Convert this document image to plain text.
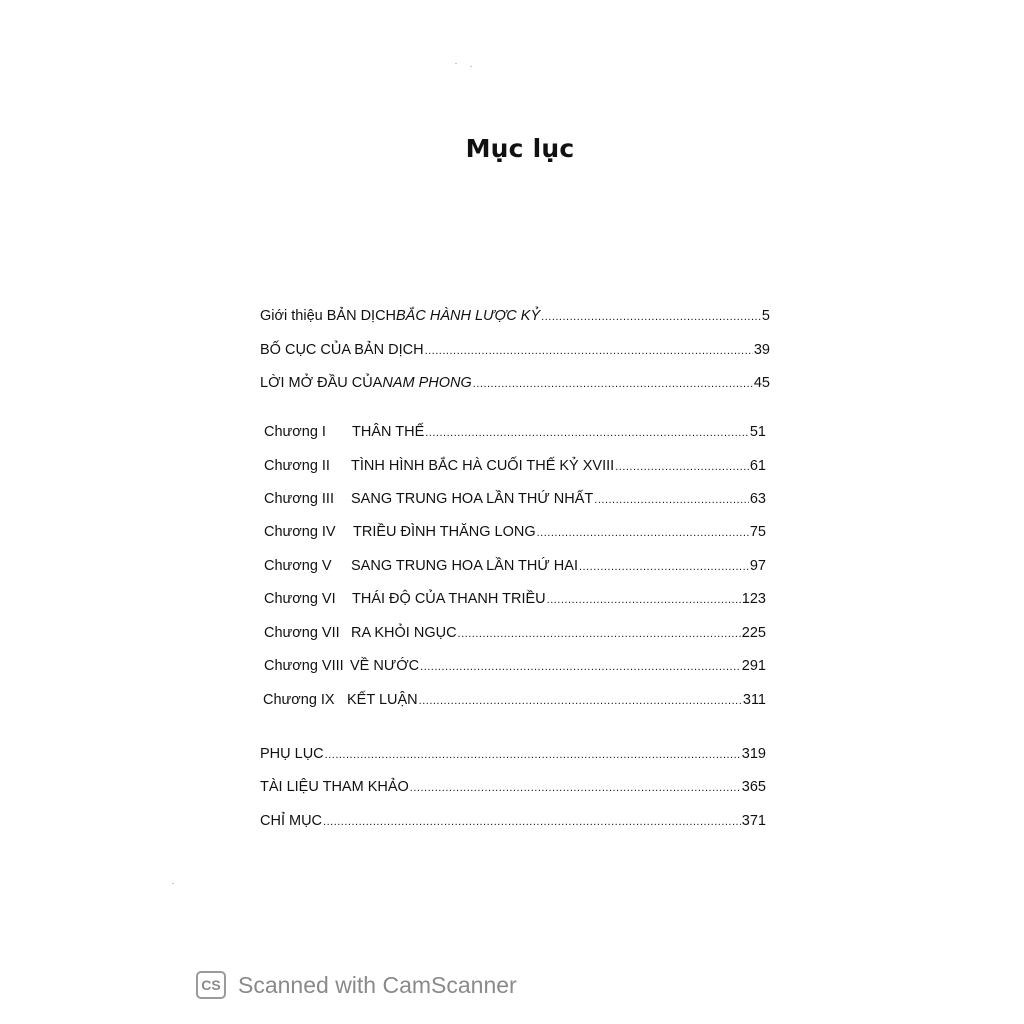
Mục lục
Giới thiệu BẢN DỊCH BẮC HÀNH LƯỢC KỶ .....	5
BỐ CỤC CỦA BẢN DỊCH .....	39
LỜI MỞ ĐẦU CỦA NAM PHONG .....	45
Chương I	THÂN THẾ .....	51
Chương II	TÌNH HÌNH BẮC HÀ CUỐI THẾ KỶ XVIII .....	61
Chương III	SANG TRUNG HOA LẦN THỨ NHẤT .....	63
Chương IV	TRIỀU ĐÌNH THĂNG LONG .....	75
Chương V	SANG TRUNG HOA LẦN THỨ HAI .....	97
Chương VI	THÁI ĐỘ CỦA THANH TRIỀU .....	123
Chương VII RA KHỎI NGỤC .....	225
Chương VIII VỀ NƯỚC .....	291
Chương IX KẾT LUẬN .....	311
PHỤ LỤC .....	319
TÀI LIỆU THAM KHẢO .....	365
CHỈ MỤC .....	371
CS Scanned with CamScanner
